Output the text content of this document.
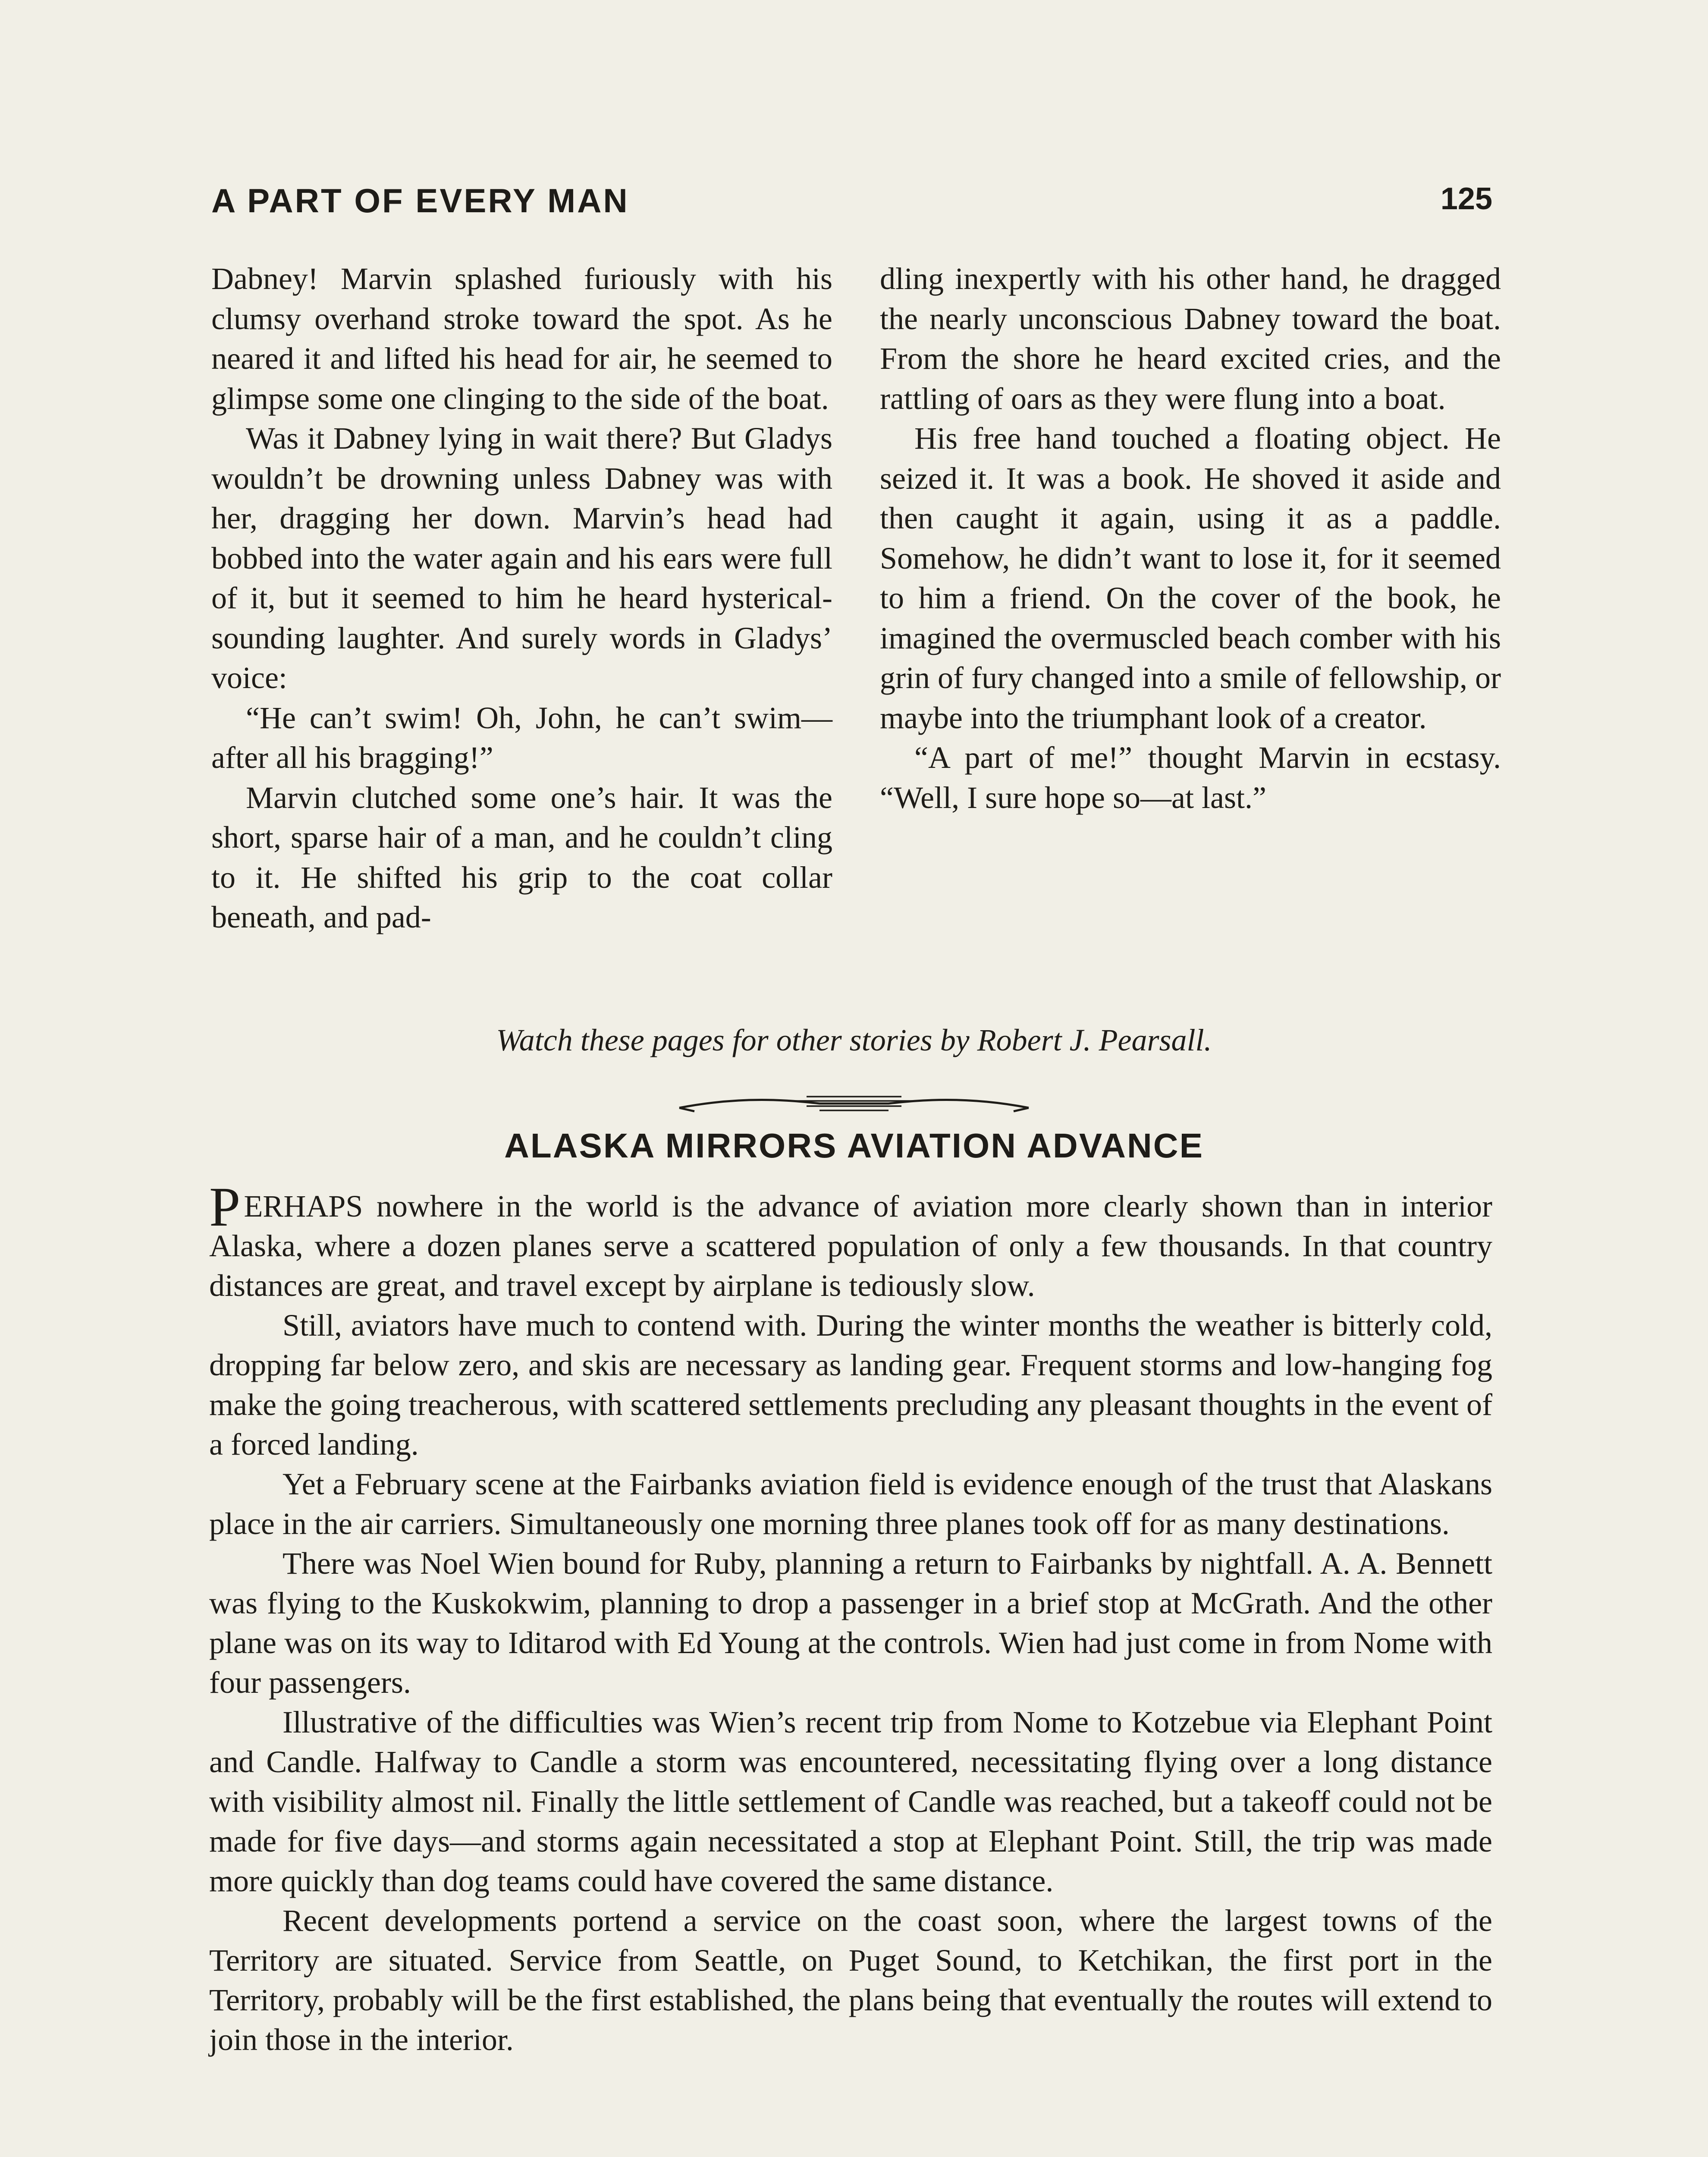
A PART OF EVERY MAN	125

Dabney! Marvin splashed furiously with his clumsy overhand stroke toward the spot. As he neared it and lifted his head for air, he seemed to glimpse some one clinging to the side of the boat.

Was it Dabney lying in wait there? But Gladys wouldn’t be drowning unless Dabney was with her, dragging her down. Marvin’s head had bobbed into the water again and his ears were full of it, but it seemed to him he heard hysterical-sounding laughter. And surely words in Gladys’ voice:

“He can’t swim! Oh, John, he can’t swim—after all his bragging!”

Marvin clutched some one’s hair. It was the short, sparse hair of a man, and he couldn’t cling to it. He shifted his grip to the coat collar beneath, and pad-

dling inexpertly with his other hand, he dragged the nearly unconscious Dabney toward the boat. From the shore he heard excited cries, and the rattling of oars as they were flung into a boat.

His free hand touched a floating object. He seized it. It was a book. He shoved it aside and then caught it again, using it as a paddle. Somehow, he didn’t want to lose it, for it seemed to him a friend. On the cover of the book, he imagined the overmuscled beach comber with his grin of fury changed into a smile of fellowship, or maybe into the triumphant look of a creator.

“A part of me!” thought Marvin in ecstasy. “Well, I sure hope so—at last.”

Watch these pages for other stories by Robert J. Pearsall.
ALASKA MIRRORS AVIATION ADVANCE

PERHAPS nowhere in the world is the advance of aviation more clearly shown than in interior Alaska, where a dozen planes serve a scattered population of only a few thousands. In that country distances are great, and travel except by airplane is tediously slow.

Still, aviators have much to contend with. During the winter months the weather is bitterly cold, dropping far below zero, and skis are necessary as landing gear. Frequent storms and low-hanging fog make the going treacherous, with scattered settlements precluding any pleasant thoughts in the event of a forced landing.

Yet a February scene at the Fairbanks aviation field is evidence enough of the trust that Alaskans place in the air carriers. Simultaneously one morning three planes took off for as many destinations.

There was Noel Wien bound for Ruby, planning a return to Fairbanks by nightfall. A. A. Bennett was flying to the Kuskokwim, planning to drop a passenger in a brief stop at McGrath. And the other plane was on its way to Iditarod with Ed Young at the controls. Wien had just come in from Nome with four passengers.

Illustrative of the difficulties was Wien’s recent trip from Nome to Kotzebue via Elephant Point and Candle. Halfway to Candle a storm was encountered, necessitating flying over a long distance with visibility almost nil. Finally the little settlement of Candle was reached, but a takeoff could not be made for five days—and storms again necessitated a stop at Elephant Point. Still, the trip was made more quickly than dog teams could have covered the same distance.

Recent developments portend a service on the coast soon, where the largest towns of the Territory are situated. Service from Seattle, on Puget Sound, to Ketchikan, the first port in the Territory, probably will be the first established, the plans being that eventually the routes will extend to join those in the interior.
